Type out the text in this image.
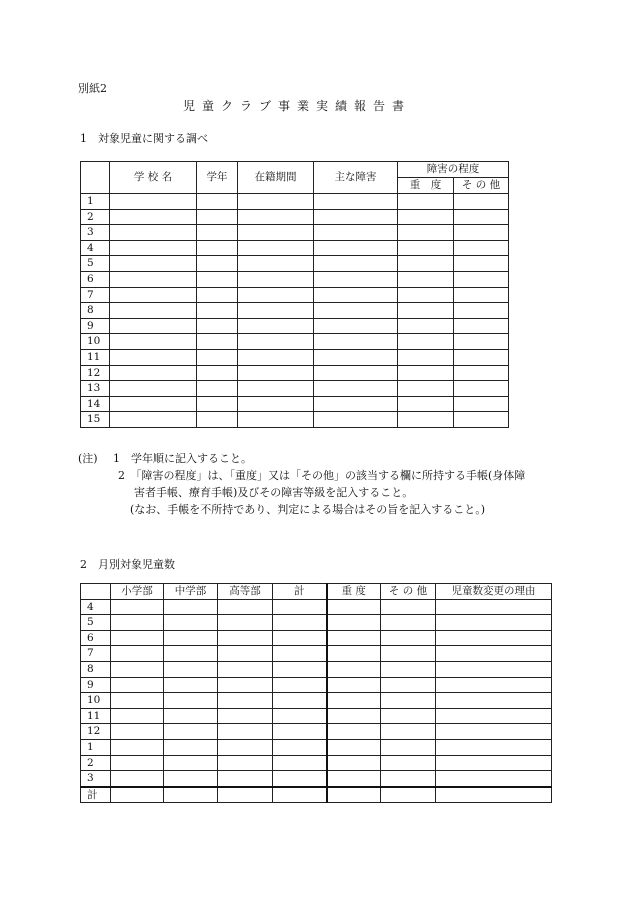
別紙2
児童クラブ事業実績報告書
1　対象児童に関する調べ
	学 校 名	学年	在籍期間	主な障害	障害の程度	
					重　度	そ の 他
1						
2						
3						
4						
5						
6						
7						
8						
9						
10						
11						
12						
13						
14						
15						
(注) 1　学年順に記入すること。
2　「障害の程度」は、「重度」又は「その他」の該当する欄に所持する手帳(身体障
害者手帳、療育手帳)及びその障害等級を記入すること。
(なお、手帳を不所持であり、判定による場合はその旨を記入すること。)
2　月別対象児童数
	小学部	中学部	高等部	計	重 度	そ の 他	児童数変更の理由
4							
5							
6							
7							
8							
9							
10							
11							
12							
1							
2							
3							
計							
